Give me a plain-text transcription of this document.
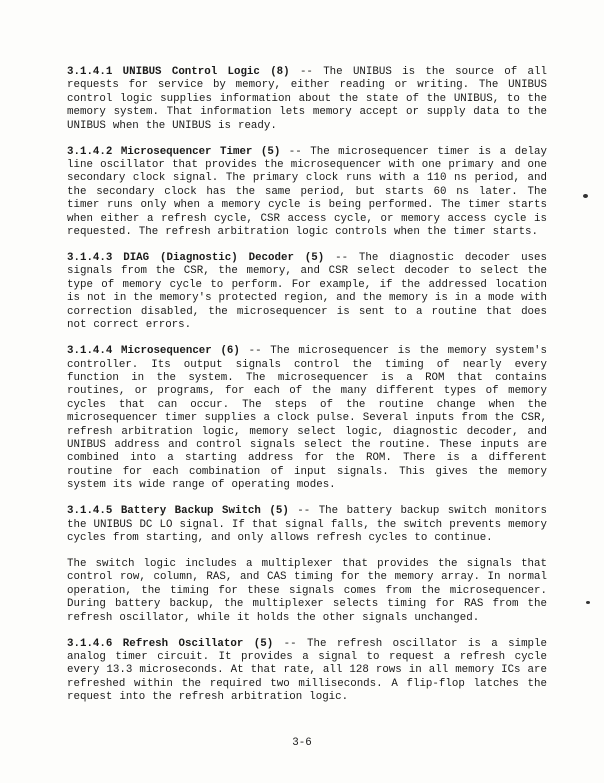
3.1.4.1 UNIBUS Control Logic (8) -- The UNIBUS is the source of all requests for service by memory, either reading or writing. The UNIBUS control logic supplies information about the state of the UNIBUS, to the memory system. That information lets memory accept or supply data to the UNIBUS when the UNIBUS is ready.

3.1.4.2 Microsequencer Timer (5) -- The microsequencer timer is a delay line oscillator that provides the microsequencer with one primary and one secondary clock signal. The primary clock runs with a 110 ns period, and the secondary clock has the same period, but starts 60 ns later. The timer runs only when a memory cycle is being performed. The timer starts when either a refresh cycle, CSR access cycle, or memory access cycle is requested. The refresh arbitration logic controls when the timer starts.

3.1.4.3 DIAG (Diagnostic) Decoder (5) -- The diagnostic decoder uses signals from the CSR, the memory, and CSR select decoder to select the type of memory cycle to perform. For example, if the addressed location is not in the memory's protected region, and the memory is in a mode with correction disabled, the microsequencer is sent to a routine that does not correct errors.

3.1.4.4 Microsequencer (6) -- The microsequencer is the memory system's controller. Its output signals control the timing of nearly every function in the system. The microsequencer is a ROM that contains routines, or programs, for each of the many different types of memory cycles that can occur. The steps of the routine change when the microsequencer timer supplies a clock pulse. Several inputs from the CSR, refresh arbitration logic, memory select logic, diagnostic decoder, and UNIBUS address and control signals select the routine. These inputs are combined into a starting address for the ROM. There is a different routine for each combination of input signals. This gives the memory system its wide range of operating modes.

3.1.4.5 Battery Backup Switch (5) -- The battery backup switch monitors the UNIBUS DC LO signal. If that signal falls, the switch prevents memory cycles from starting, and only allows refresh cycles to continue.

The switch logic includes a multiplexer that provides the signals that control row, column, RAS, and CAS timing for the memory array. In normal operation, the timing for these signals comes from the microsequencer. During battery backup, the multiplexer selects timing for RAS from the refresh oscillator, while it holds the other signals unchanged.

3.1.4.6 Refresh Oscillator (5) -- The refresh oscillator is a simple analog timer circuit. It provides a signal to request a refresh cycle every 13.3 microseconds. At that rate, all 128 rows in all memory ICs are refreshed within the required two milliseconds. A flip-flop latches the request into the refresh arbitration logic.

3-6
